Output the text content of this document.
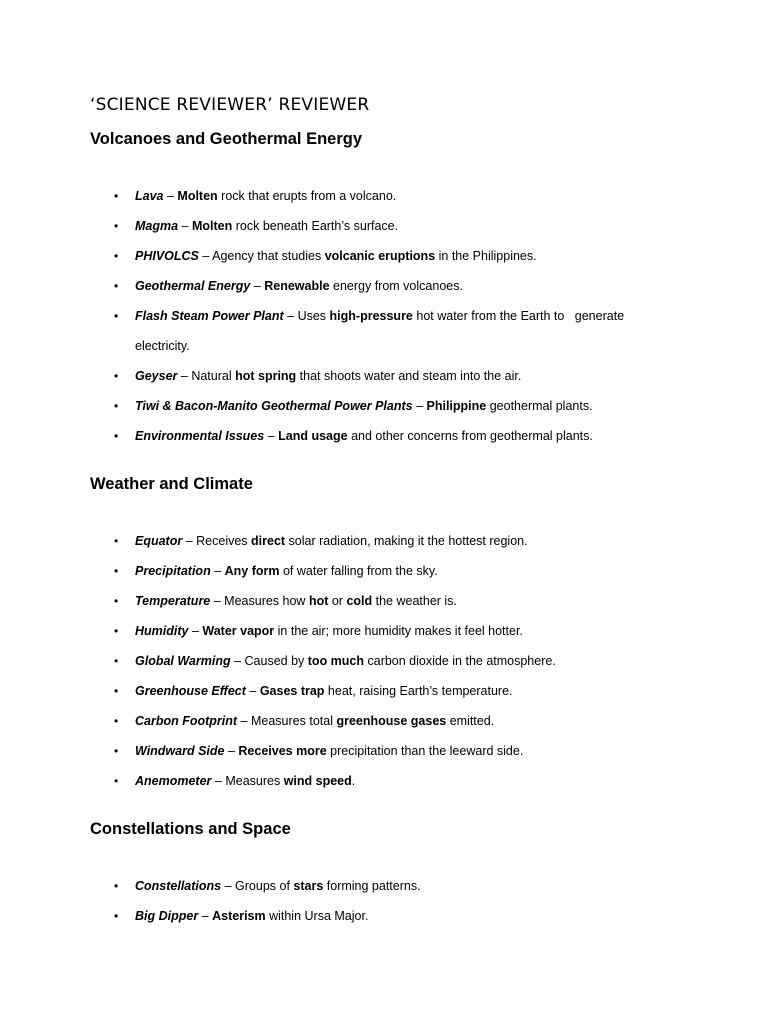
‘SCIENCE REVIEWER’ REVIEWER
Volcanoes and Geothermal Energy
• Lava – Molten rock that erupts from a volcano.
• Magma – Molten rock beneath Earth’s surface.
• PHIVOLCS – Agency that studies volcanic eruptions in the Philippines.
• Geothermal Energy – Renewable energy from volcanoes.
• Flash Steam Power Plant – Uses high-pressure hot water from the Earth to   generate electricity.
• Geyser – Natural hot spring that shoots water and steam into the air.
• Tiwi & Bacon-Manito Geothermal Power Plants – Philippine geothermal plants.
• Environmental Issues – Land usage and other concerns from geothermal plants.
Weather and Climate
• Equator – Receives direct solar radiation, making it the hottest region.
• Precipitation – Any form of water falling from the sky.
• Temperature – Measures how hot or cold the weather is.
• Humidity – Water vapor in the air; more humidity makes it feel hotter.
• Global Warming – Caused by too much carbon dioxide in the atmosphere.
• Greenhouse Effect – Gases trap heat, raising Earth’s temperature.
• Carbon Footprint – Measures total greenhouse gases emitted.
• Windward Side – Receives more precipitation than the leeward side.
• Anemometer – Measures wind speed.
Constellations and Space
• Constellations – Groups of stars forming patterns.
• Big Dipper – Asterism within Ursa Major.
